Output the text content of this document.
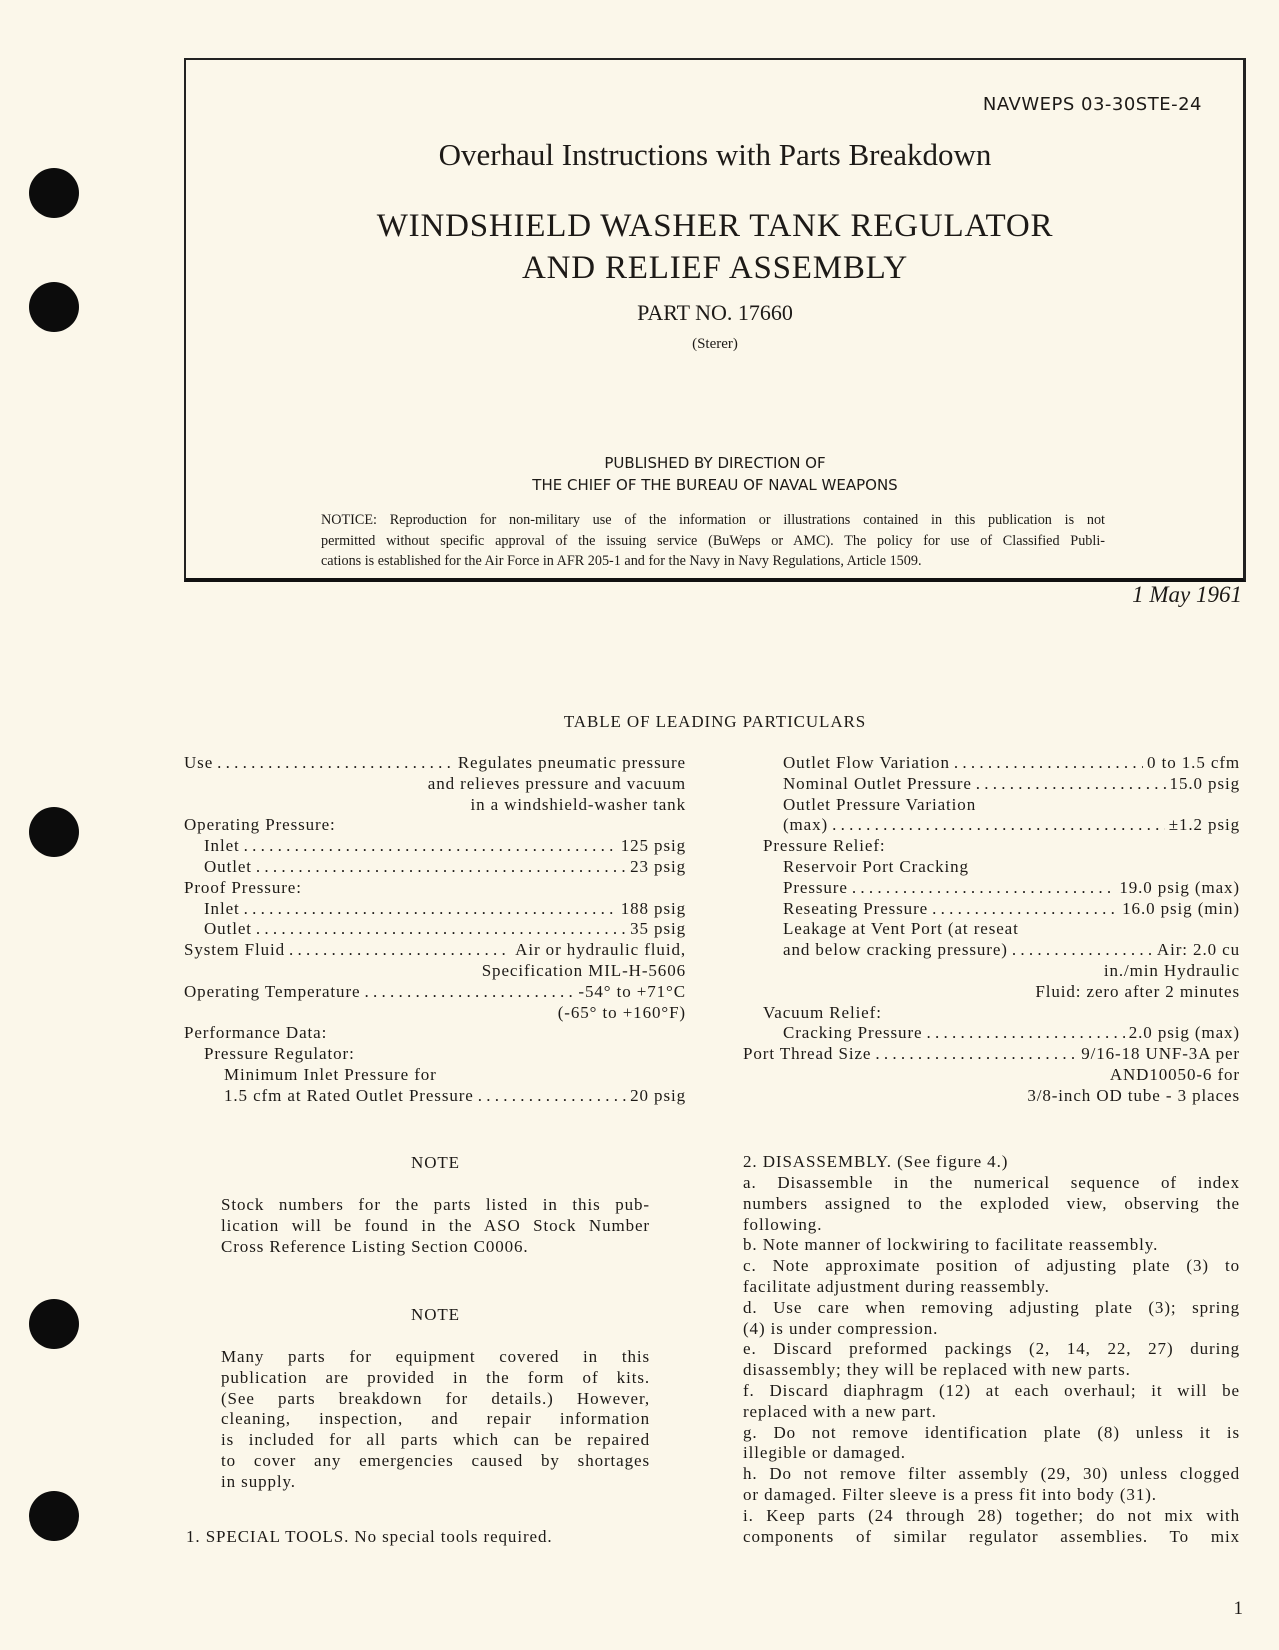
NAVWEPS 03-30STE-24
Overhaul Instructions with Parts Breakdown
WINDSHIELD WASHER TANK REGULATOR
AND RELIEF ASSEMBLY
PART NO. 17660
(Sterer)
PUBLISHED BY DIRECTION OF
THE CHIEF OF THE BUREAU OF NAVAL WEAPONS
NOTICE: Reproduction for non-military use of the information or illustrations contained in this publication is not
permitted without specific approval of the issuing service (BuWeps or AMC). The policy for use of Classified Publi-
cations is established for the Air Force in AFR 205-1 and for the Navy in Navy Regulations, Article 1509.
1 May 1961
TABLE OF LEADING PARTICULARS
Use . . .	Regulates pneumatic pressure
and relieves pressure and vacuum
in a windshield-washer tank
Operating Pressure:
Inlet . . .	125 psig
Outlet . . .	23 psig
Proof Pressure:
Inlet . . .	188 psig
Outlet . . .	35 psig
System Fluid . . .	Air or hydraulic fluid,
Specification MIL-H-5606
Operating Temperature . . .	-54° to +71°C
(-65° to +160°F)
Performance Data:
Pressure Regulator:
Minimum Inlet Pressure for
1.5 cfm at Rated Outlet Pressure . . .	20 psig
Outlet Flow Variation . . .	0 to 1.5 cfm
Nominal Outlet Pressure . . .	15.0 psig
Outlet Pressure Variation
(max) . . .	±1.2 psig
Pressure Relief:
Reservoir Port Cracking
Pressure . . .	19.0 psig (max)
Reseating Pressure . . .	16.0 psig (min)
Leakage at Vent Port (at reseat
and below cracking pressure) . . .	Air: 2.0 cu
in./min Hydraulic
Fluid: zero after 2 minutes
Vacuum Relief:
Cracking Pressure . . .	2.0 psig (max)
Port Thread Size . . .	9/16-18 UNF-3A per
AND10050-6 for
3/8-inch OD tube - 3 places
NOTE
Stock numbers for the parts listed in this pub-
lication will be found in the ASO Stock Number
Cross Reference Listing Section C0006.
NOTE
Many parts for equipment covered in this
publication are provided in the form of kits.
(See parts breakdown for details.) However,
cleaning, inspection, and repair information
is included for all parts which can be repaired
to cover any emergencies caused by shortages
in supply.
1. SPECIAL TOOLS. No special tools required.
2. DISASSEMBLY. (See figure 4.)
a. Disassemble in the numerical sequence of index
numbers assigned to the exploded view, observing the
following.
b. Note manner of lockwiring to facilitate reassembly.
c. Note approximate position of adjusting plate (3) to
facilitate adjustment during reassembly.
d. Use care when removing adjusting plate (3); spring
(4) is under compression.
e. Discard preformed packings (2, 14, 22, 27) during
disassembly; they will be replaced with new parts.
f. Discard diaphragm (12) at each overhaul; it will be
replaced with a new part.
g. Do not remove identification plate (8) unless it is
illegible or damaged.
h. Do not remove filter assembly (29, 30) unless clogged
or damaged. Filter sleeve is a press fit into body (31).
i. Keep parts (24 through 28) together; do not mix with
components of similar regulator assemblies. To mix
1
